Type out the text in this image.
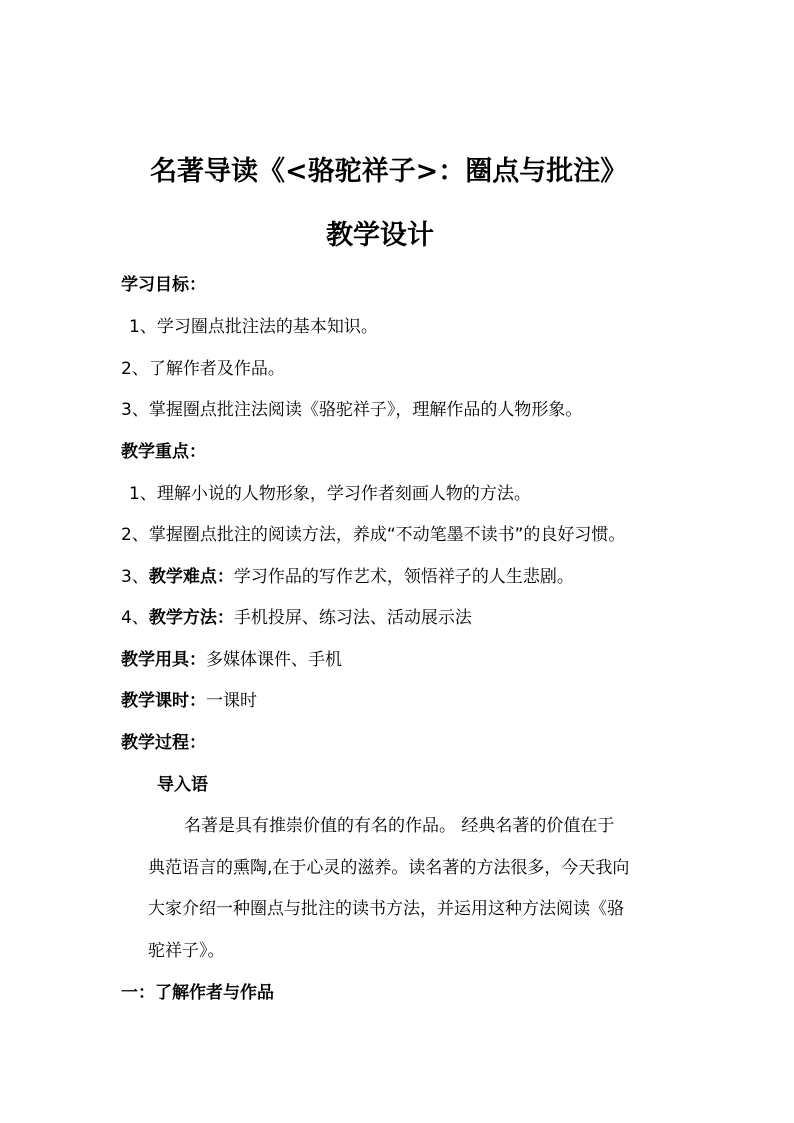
名著导读《<骆驼祥子>：圈点与批注》
教学设计
学习目标：
1、学习圈点批注法的基本知识。
2、了解作者及作品。
3、掌握圈点批注法阅读《骆驼祥子》，理解作品的人物形象。
教学重点：
1、理解小说的人物形象，学习作者刻画人物的方法。
2、掌握圈点批注的阅读方法，养成“不动笔墨不读书”的良好习惯。
3、教学难点：学习作品的写作艺术，领悟祥子的人生悲剧。
4、教学方法：手机投屏、练习法、活动展示法
教学用具：多媒体课件、手机
教学课时：一课时
教学过程：
导入语
名著是具有推崇价值的有名的作品。 经典名著的价值在于
典范语言的熏陶,在于心灵的滋养。读名著的方法很多，今天我向
大家介绍一种圈点与批注的读书方法，并运用这种方法阅读《骆
驼祥子》。
一：了解作者与作品
